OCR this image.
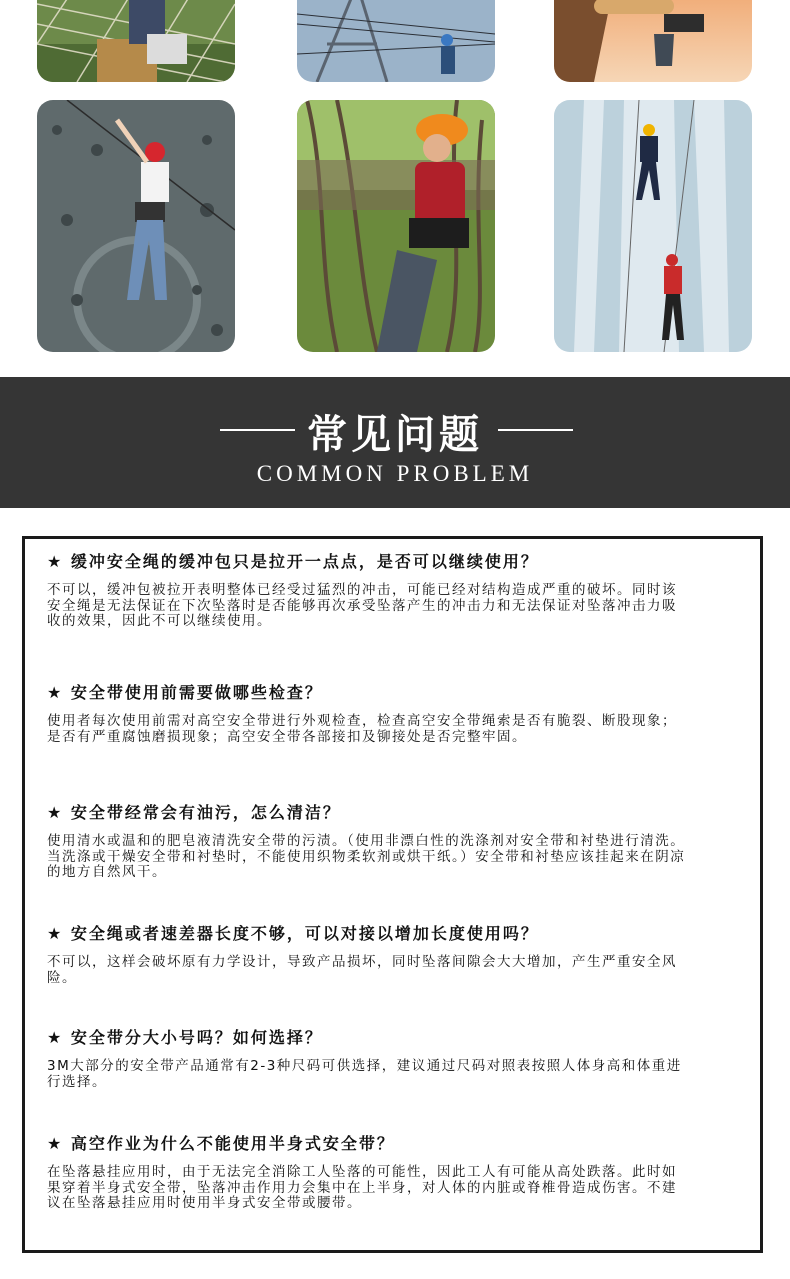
常见问题
COMMON PROBLEM
★ 缓冲安全绳的缓冲包只是拉开一点点，是否可以继续使用？
不可以，缓冲包被拉开表明整体已经受过猛烈的冲击，可能已经对结构造成严重的破坏。同时该安全绳是无法保证在下次坠落时是否能够再次承受坠落产生的冲击力和无法保证对坠落冲击力吸收的效果，因此不可以继续使用。
★ 安全带使用前需要做哪些检查？
使用者每次使用前需对高空安全带进行外观检查，检查高空安全带绳索是否有脆裂、断股现象；是否有严重腐蚀磨损现象；高空安全带各部接扣及铆接处是否完整牢固。
★ 安全带经常会有油污，怎么清洁？
使用清水或温和的肥皂液清洗安全带的污渍。（使用非漂白性的洗涤剂对安全带和衬垫进行清洗。当洗涤或干燥安全带和衬垫时，不能使用织物柔软剂或烘干纸。）安全带和衬垫应该挂起来在阴凉的地方自然风干。
★ 安全绳或者速差器长度不够，可以对接以增加长度使用吗？
不可以，这样会破坏原有力学设计，导致产品损坏，同时坠落间隙会大大增加，产生严重安全风险。
★ 安全带分大小号吗？如何选择？
3M大部分的安全带产品通常有2-3种尺码可供选择，建议通过尺码对照表按照人体身高和体重进行选择。
★ 高空作业为什么不能使用半身式安全带？
在坠落悬挂应用时，由于无法完全消除工人坠落的可能性，因此工人有可能从高处跌落。此时如果穿着半身式安全带，坠落冲击作用力会集中在上半身，对人体的内脏或脊椎骨造成伤害。不建议在坠落悬挂应用时使用半身式安全带或腰带。
